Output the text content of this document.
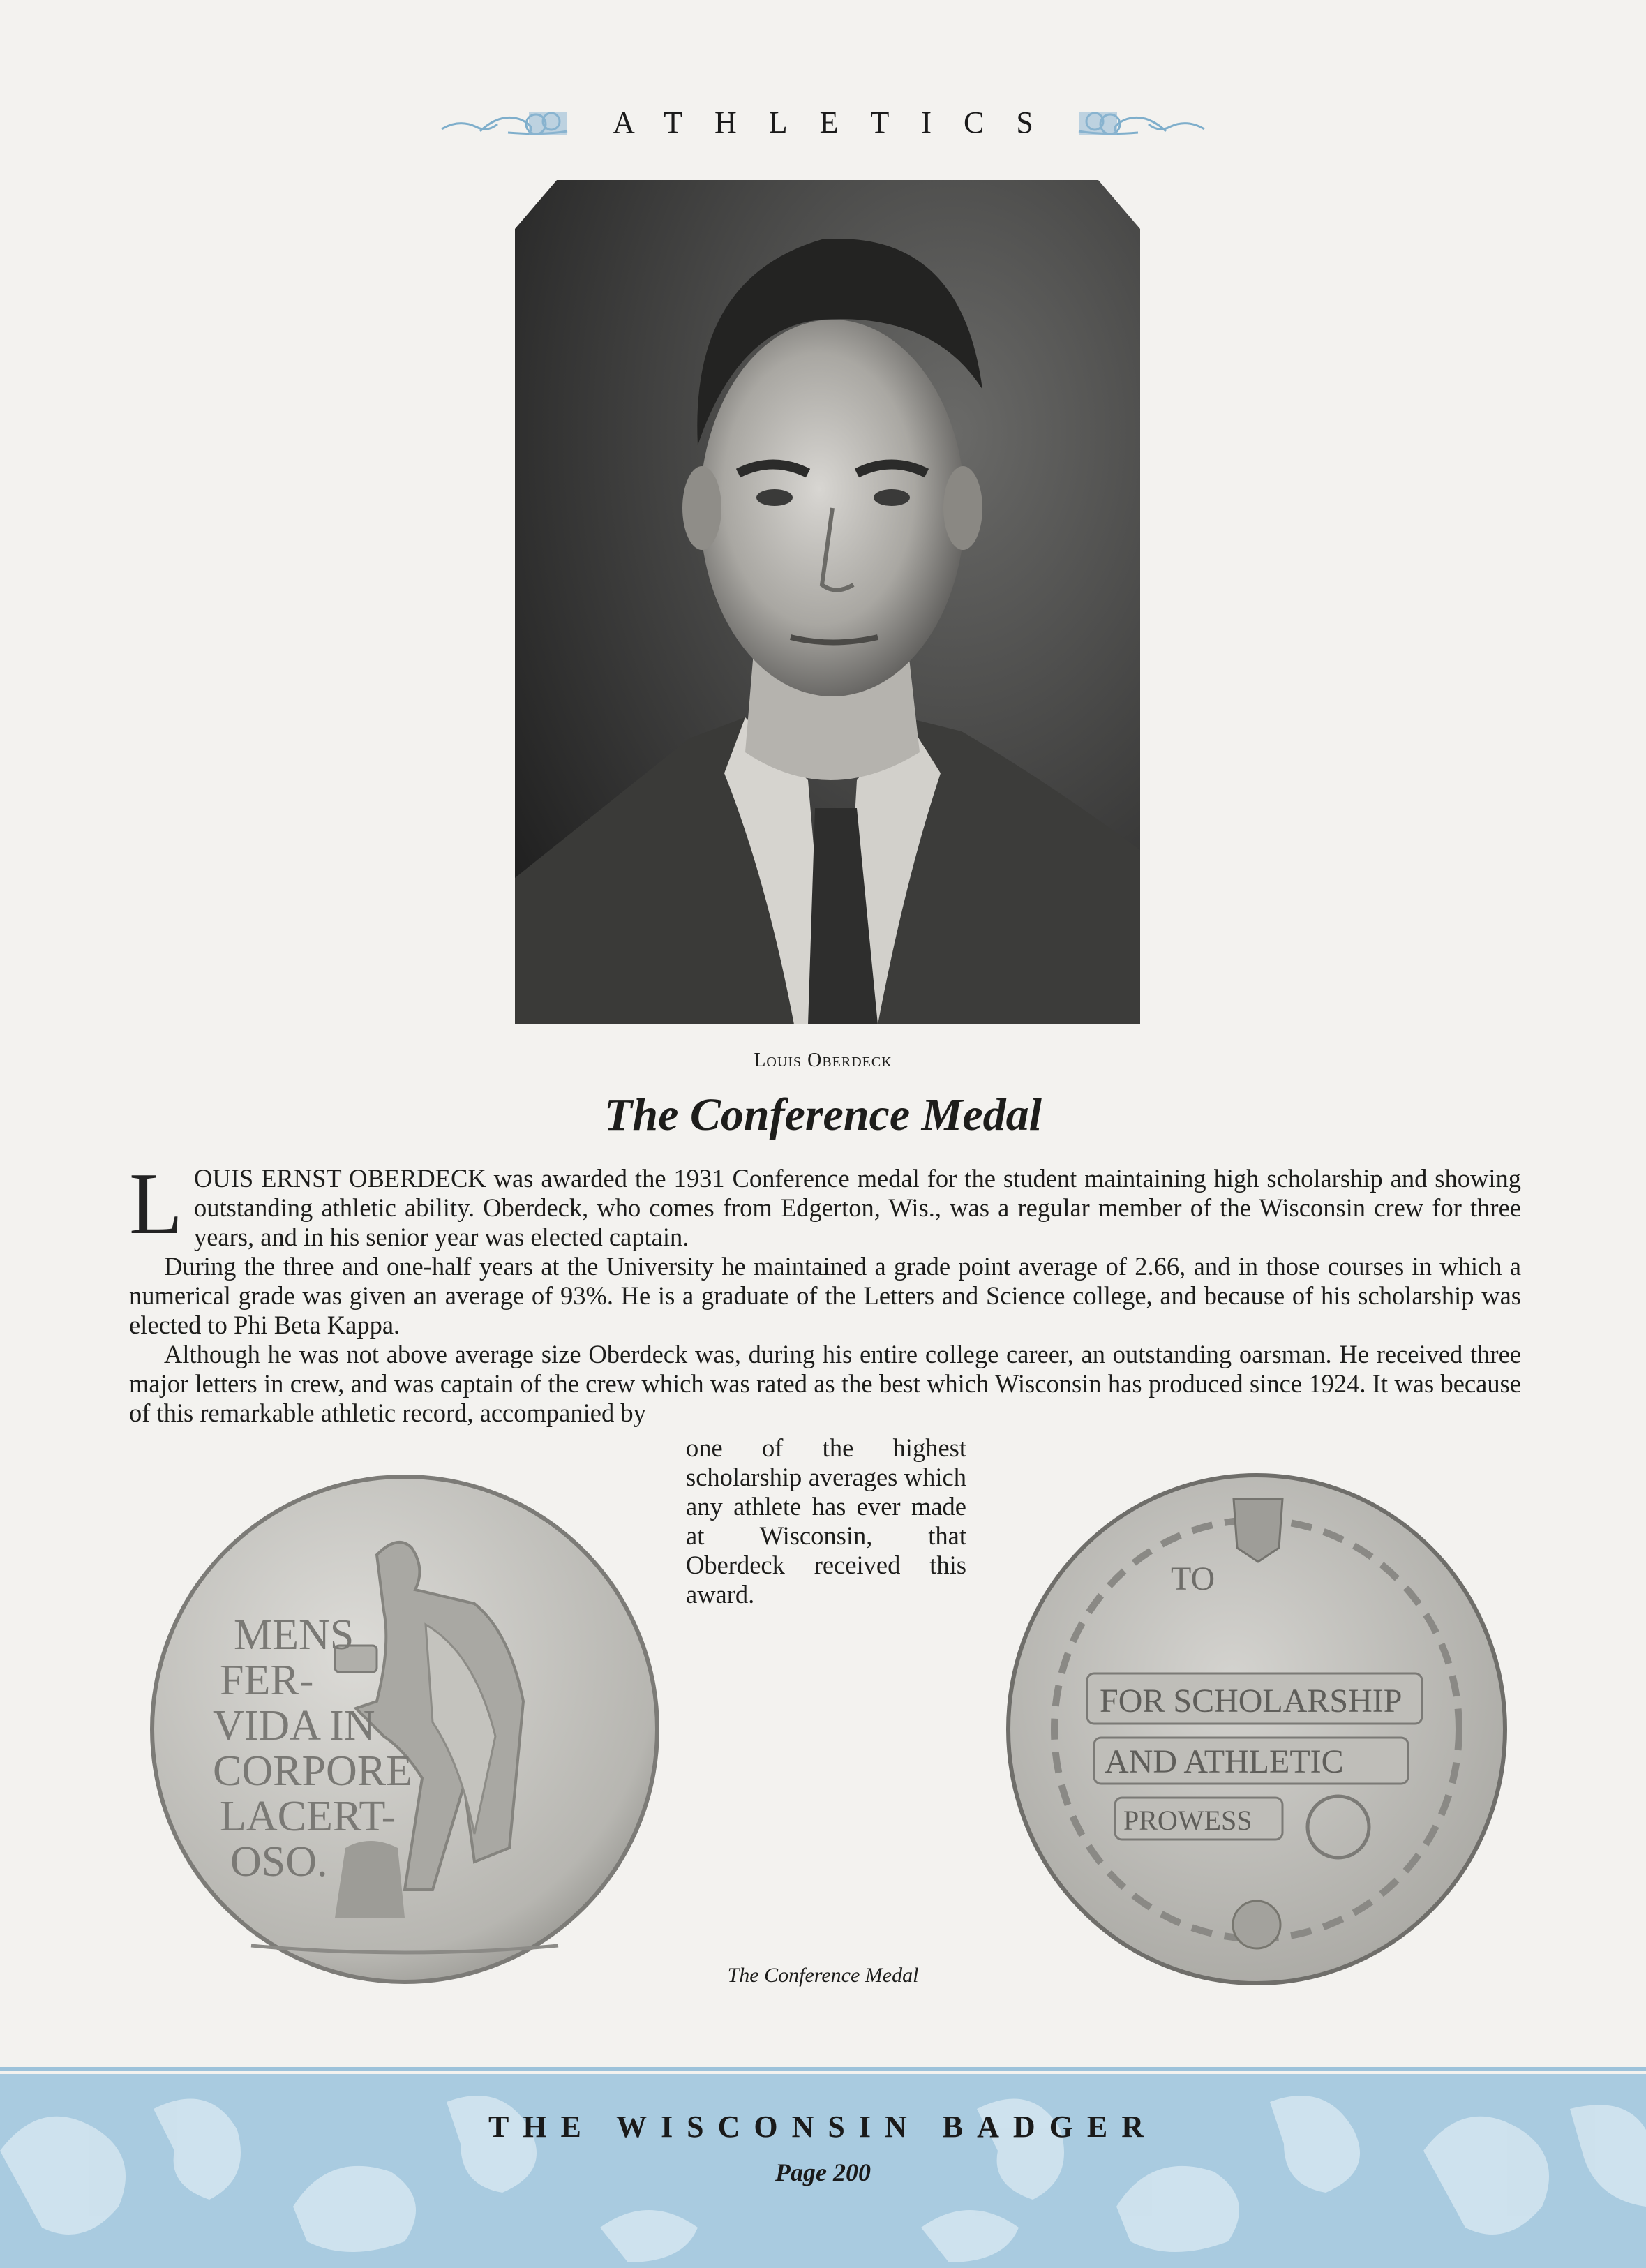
ATHLETICS
Louis Oberdeck
The Conference Medal

LOUIS ERNST OBERDECK was awarded the 1931 Conference medal for the student maintaining high scholarship and showing outstanding athletic ability. Oberdeck, who comes from Edgerton, Wis., was a regular member of the Wisconsin crew for three years, and in his senior year was elected captain.

During the three and one-half years at the University he maintained a grade point average of 2.66, and in those courses in which a numerical grade was given an average of 93%. He is a graduate of the Letters and Science college, and because of his scholarship was elected to Phi Beta Kappa.

Although he was not above average size Oberdeck was, during his entire college career, an outstanding oarsman. He received three major letters in crew, and was captain of the crew which was rated as the best which Wisconsin has produced since 1924. It was because of this remarkable athletic record, accompanied by

one of the highest scholarship averages which any athlete has ever made at Wisconsin, that Oberdeck received this award.
MENS
FER-
VIDA IN
CORPORE
LACERT-
OSO.
TO
FOR SCHOLARSHIP
AND ATHLETIC
PROWESS
The Conference Medal
THE WISCONSIN BADGER
Page 200
